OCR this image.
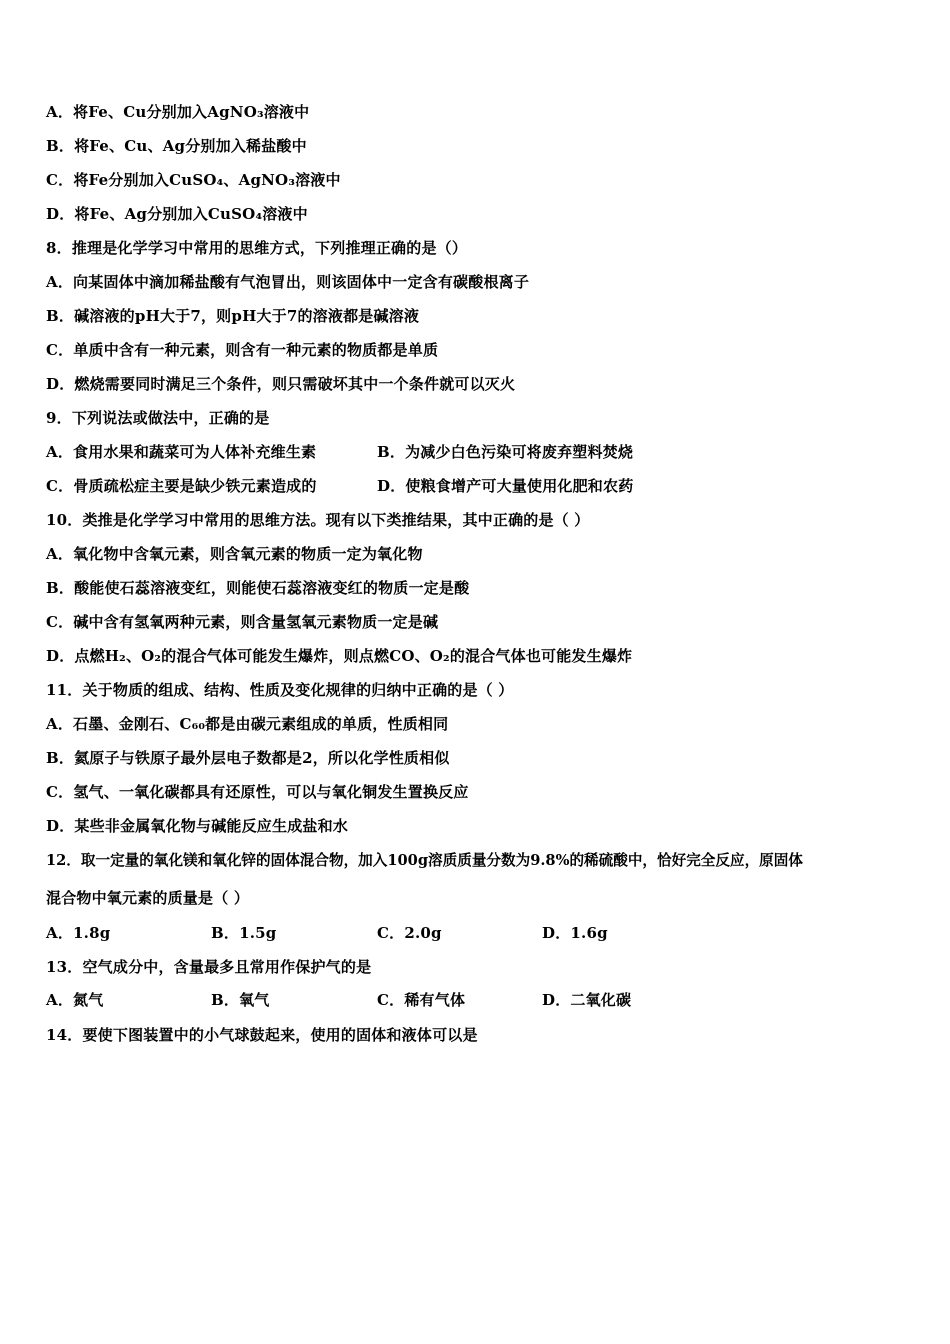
A．将Fe、Cu分别加入AgNO₃溶液中
B．将Fe、Cu、Ag分别加入稀盐酸中
C．将Fe分别加入CuSO₄、AgNO₃溶液中
D．将Fe、Ag分别加入CuSO₄溶液中
8．推理是化学学习中常用的思维方式，下列推理正确的是（）
A．向某固体中滴加稀盐酸有气泡冒出，则该固体中一定含有碳酸根离子
B．碱溶液的pH大于7，则pH大于7的溶液都是碱溶液
C．单质中含有一种元素，则含有一种元素的物质都是单质
D．燃烧需要同时满足三个条件，则只需破坏其中一个条件就可以灭火
9．下列说法或做法中，正确的是
A．食用水果和蔬菜可为人体补充维生素	B．为减少白色污染可将废弃塑料焚烧
C．骨质疏松症主要是缺少铁元素造成的	D．使粮食增产可大量使用化肥和农药
10．类推是化学学习中常用的思维方法。现有以下类推结果，其中正确的是（ ）
A．氧化物中含氧元素，则含氧元素的物质一定为氧化物
B．酸能使石蕊溶液变红，则能使石蕊溶液变红的物质一定是酸
C．碱中含有氢氧两种元素，则含量氢氧元素物质一定是碱
D．点燃H₂、O₂的混合气体可能发生爆炸，则点燃CO、O₂的混合气体也可能发生爆炸
11．关于物质的组成、结构、性质及变化规律的归纳中正确的是（ ）
A．石墨、金刚石、C₆₀都是由碳元素组成的单质，性质相同
B．氦原子与铁原子最外层电子数都是2，所以化学性质相似
C．氢气、一氧化碳都具有还原性，可以与氧化铜发生置换反应
D．某些非金属氧化物与碱能反应生成盐和水
12．取一定量的氧化镁和氧化锌的固体混合物，加入100g溶质质量分数为9.8%的稀硫酸中，恰好完全反应，原固体
混合物中氧元素的质量是（ ）
A．1.8g	B．1.5g	C．2.0g	D．1.6g
13．空气成分中，含量最多且常用作保护气的是
A．氮气	B．氧气	C．稀有气体	D．二氧化碳
14．要使下图装置中的小气球鼓起来，使用的固体和液体可以是
